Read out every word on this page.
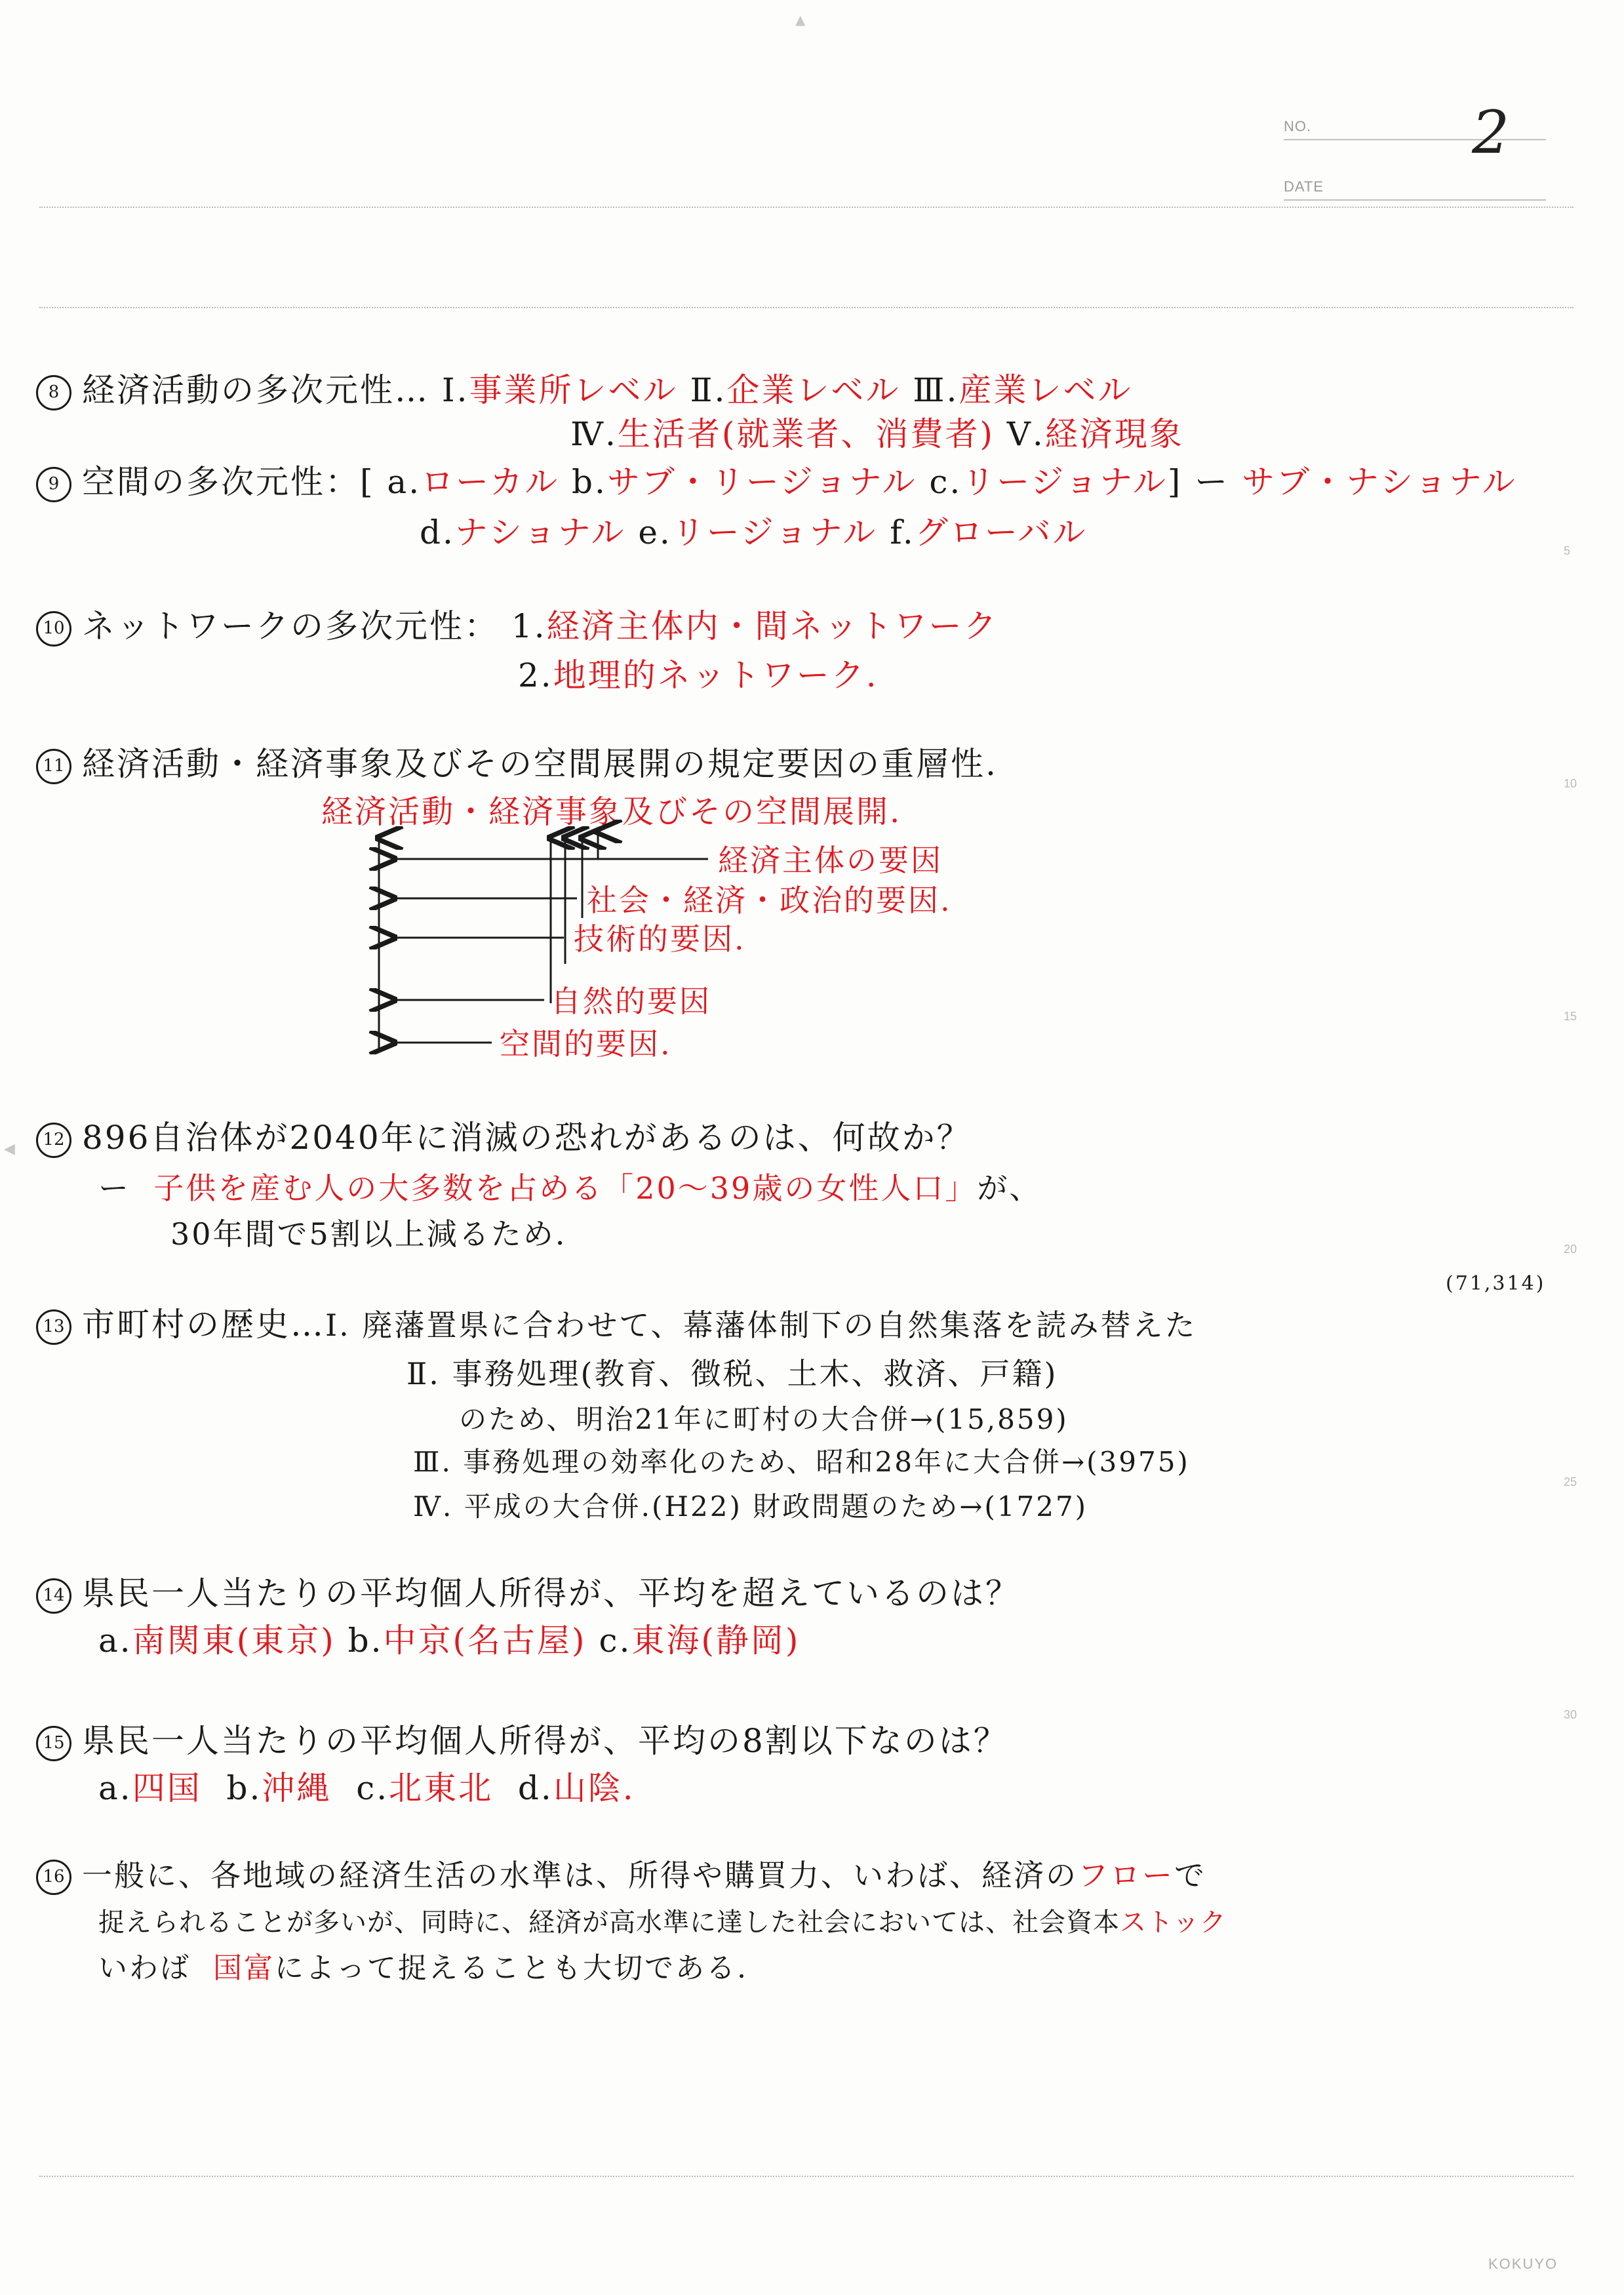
▲
◀
NO.
DATE
2
5
10
15
20
25
30
8 経済活動の多次元性… Ⅰ.事業所レベル Ⅱ.企業レベル Ⅲ.産業レベル
Ⅳ.生活者(就業者、消費者) Ⅴ.経済現象
9 空間の多次元性：[ a.ローカル b.サブ・リージョナル c.リージョナル] ー サブ・ナショナル
d.ナショナル e.リージョナル f.グローバル
10 ネットワークの多次元性： 1.経済主体内・間ネットワーク
2.地理的ネットワーク.
11 経済活動・経済事象及びその空間展開の規定要因の重層性.
経済活動・経済事象及びその空間展開.
経済主体の要因
社会・経済・政治的要因.
技術的要因.
自然的要因
空間的要因.
12 896自治体が2040年に消滅の恐れがあるのは、何故か？
ー 子供を産む人の大多数を占める「20〜39歳の女性人口」が、
30年間で5割以上減るため.
(71,314)
13 市町村の歴史…Ⅰ. 廃藩置県に合わせて、幕藩体制下の自然集落を読み替えた
Ⅱ. 事務処理(教育、徴税、土木、救済、戸籍)
のため、明治21年に町村の大合併→(15,859)
Ⅲ. 事務処理の効率化のため、昭和28年に大合併→(3975)
Ⅳ. 平成の大合併.(H22) 財政問題のため→(1727)
14 県民一人当たりの平均個人所得が、平均を超えているのは？
a.南関東(東京) b.中京(名古屋) c.東海(静岡)
15 県民一人当たりの平均個人所得が、平均の8割以下なのは？
a.四国 b.沖縄 c.北東北 d.山陰.
16 一般に、各地域の経済生活の水準は、所得や購買力、いわば、経済のフローで
捉えられることが多いが、同時に、経済が高水準に達した社会においては、社会資本ストック
いわば 国富によって捉えることも大切である.
KOKUYO
